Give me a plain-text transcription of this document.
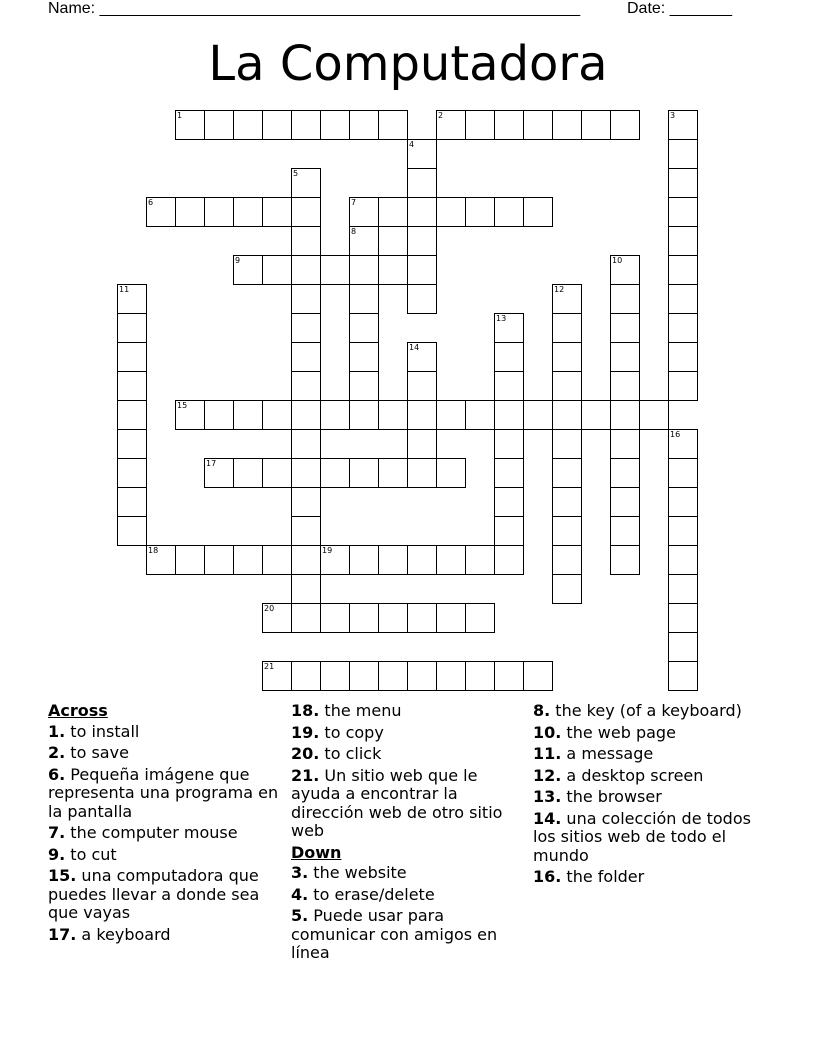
Name: ______________________________________________________	Date: _______
La Computadora
1	2
6	7
9
15
17
18	19
20
21
3
4
5
8
10
11	12
13
14
16
Across
1. to install
2. to save
6. Pequeña imágene que representa una programa en la pantalla
7. the computer mouse
9. to cut
15. una computadora que puedes llevar a donde sea que vayas
17. a keyboard
18. the menu
19. to copy
20. to click
21. Un sitio web que le ayuda a encontrar la dirección web de otro sitio web
Down
3. the website
4. to erase/delete
5. Puede usar para comunicar con amigos en línea
8. the key (of a keyboard)
10. the web page
11. a message
12. a desktop screen
13. the browser
14. una colección de todos los sitios web de todo el mundo
16. the folder
